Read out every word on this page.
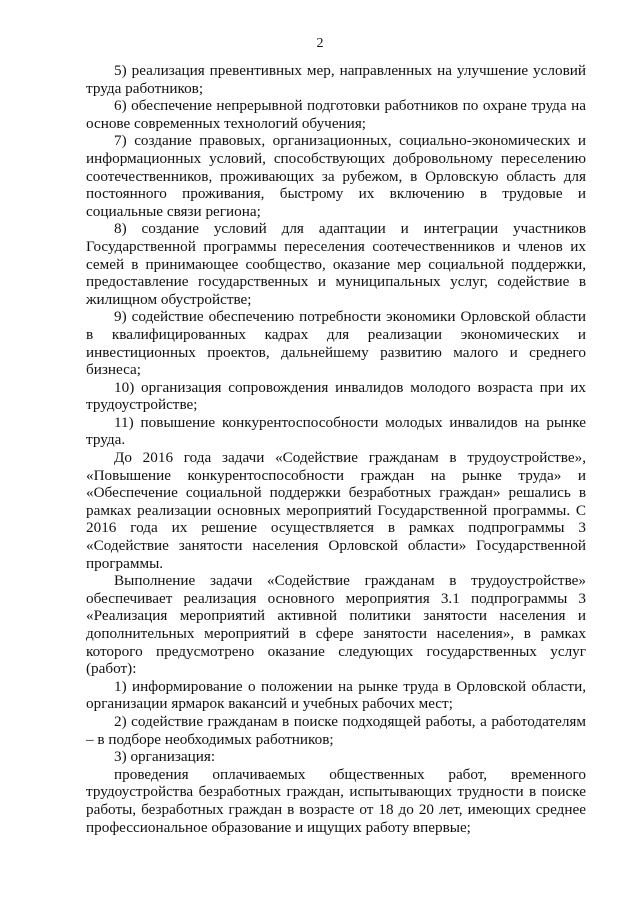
2

5) реализация превентивных мер, направленных на улучшение условий труда работников;

6) обеспечение непрерывной подготовки работников по охране труда на основе современных технологий обучения;

7) создание правовых, организационных, социально-экономических и информационных условий, способствующих добровольному переселению соотечественников, проживающих за рубежом, в Орловскую область для постоянного проживания, быстрому их включению в трудовые и социальные связи региона;

8) создание условий для адаптации и интеграции участников Государственной программы переселения соотечественников и членов их семей в принимающее сообщество, оказание мер социальной поддержки, предоставление государственных и муниципальных услуг, содействие в жилищном обустройстве;

9) содействие обеспечению потребности экономики Орловской области в квалифицированных кадрах для реализации экономических и инвестиционных проектов, дальнейшему развитию малого и среднего бизнеса;

10) организация сопровождения инвалидов молодого возраста при их трудоустройстве;

11) повышение конкурентоспособности молодых инвалидов на рынке труда.

До 2016 года задачи «Содействие гражданам в трудоустройстве», «Повышение конкурентоспособности граждан на рынке труда» и «Обеспечение социальной поддержки безработных граждан» решались в рамках реализации основных мероприятий Государственной программы. С 2016 года их решение осуществляется в рамках подпрограммы 3 «Содействие занятости населения Орловской области» Государственной программы.

Выполнение задачи «Содействие гражданам в трудоустройстве» обеспечивает реализация основного мероприятия 3.1 подпрограммы 3 «Реализация мероприятий активной политики занятости населения и дополнительных мероприятий в сфере занятости населения», в рамках которого предусмотрено оказание следующих государственных услуг (работ):

1) информирование о положении на рынке труда в Орловской области, организации ярмарок вакансий и учебных рабочих мест;

2) содействие гражданам в поиске подходящей работы, а работодателям – в подборе необходимых работников;

3) организация:

проведения оплачиваемых общественных работ, временного трудоустройства безработных граждан, испытывающих трудности в поиске работы, безработных граждан в возрасте от 18 до 20 лет, имеющих среднее профессиональное образование и ищущих работу впервые;
